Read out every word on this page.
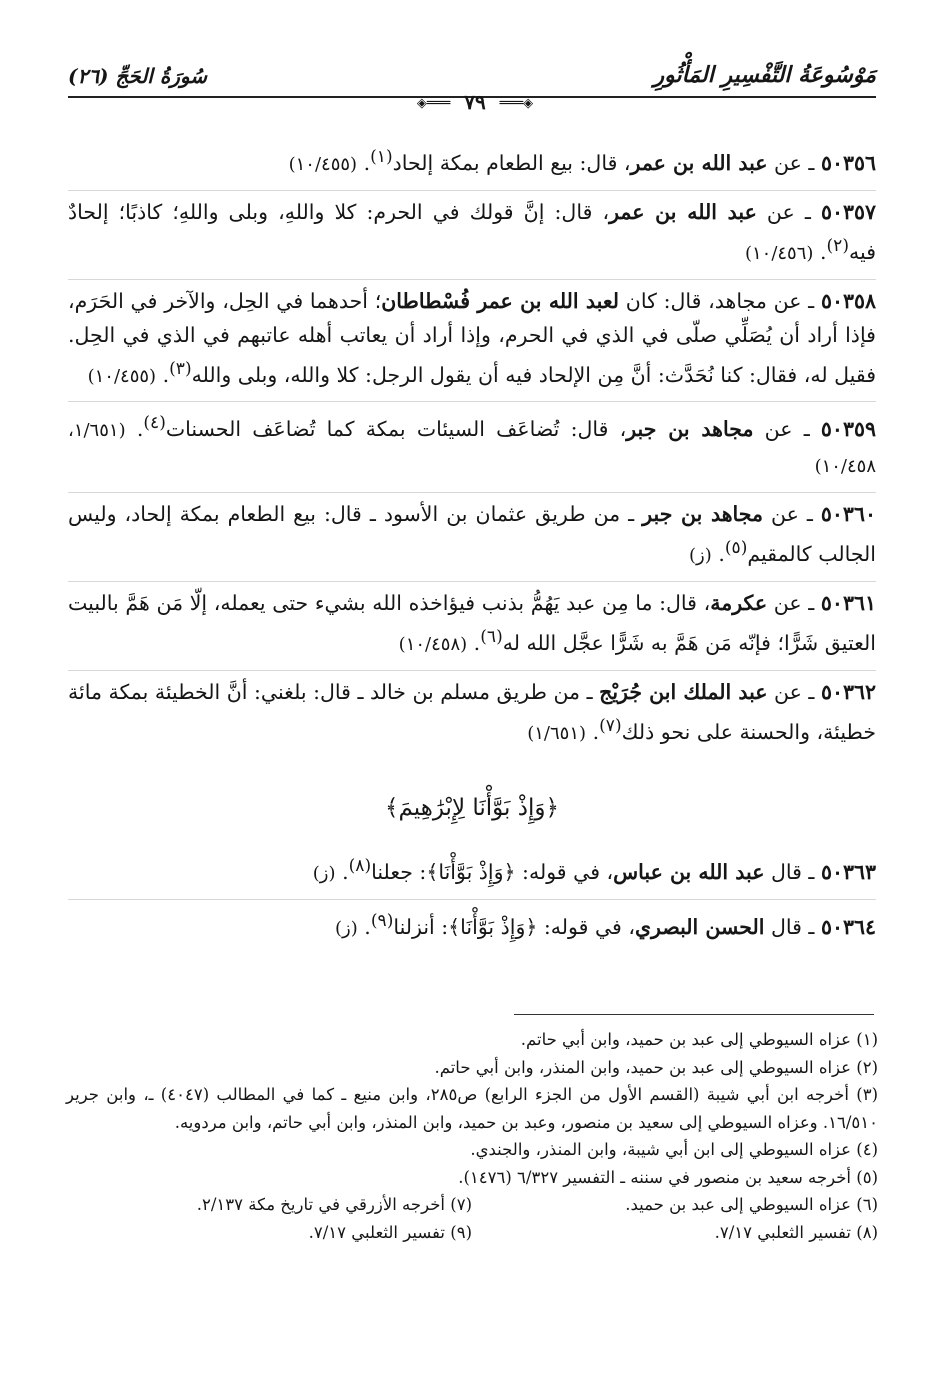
مَوْسُوعَةُ التَّفْسِيرِ المَأْثُورِ
سُورَةُ الحَجِّ (٢٦)
◈═══ ٧٩ ═══◈

٥٠٣٥٦ ـ عن عبد الله بن عمر، قال: بيع الطعام بمكة إلحاد$^{(١)}$. (١٠/٤٥٥)

٥٠٣٥٧ ـ عن عبد الله بن عمر، قال: إنَّ قولك في الحرم: كلا واللهِ، وبلى واللهِ؛ كاذبًا؛ إلحادٌ فيه$^{(٢)}$. (١٠/٤٥٦)

٥٠٣٥٨ ـ عن مجاهد، قال: كان لعبد الله بن عمر فُسْطاطان؛ أحدهما في الحِل، والآخر في الحَرَم، فإذا أراد أن يُصَلِّي صلّى في الذي في الحرم، وإذا أراد أن يعاتب أهله عاتبهم في الذي في الحِل. فقيل له، فقال: كنا نُحَدَّث: أنَّ مِن الإلحاد فيه أن يقول الرجل: كلا والله، وبلى والله$^{(٣)}$. (١٠/٤٥٥)

٥٠٣٥٩ ـ عن مجاهد بن جبر، قال: تُضاعَف السيئات بمكة كما تُضاعَف الحسنات$^{(٤)}$. (١/٦٥١، ١٠/٤٥٨)

٥٠٣٦٠ ـ عن مجاهد بن جبر ـ من طريق عثمان بن الأسود ـ قال: بيع الطعام بمكة إلحاد، وليس الجالب كالمقيم$^{(٥)}$. (ز)

٥٠٣٦١ ـ عن عكرمة، قال: ما مِن عبد يَهُمُّ بذنب فيؤاخذه الله بشيء حتى يعمله، إلّا مَن هَمَّ بالبيت العتيق شَرًّا؛ فإنّه مَن هَمَّ به شَرًّا عجَّل الله له$^{(٦)}$. (١٠/٤٥٨)

٥٠٣٦٢ ـ عن عبد الملك ابن جُرَيْج ـ من طريق مسلم بن خالد ـ قال: بلغني: أنَّ الخطيئة بمكة مائة خطيئة، والحسنة على نحو ذلك$^{(٧)}$. (١/٦٥١)

﴿وَإِذْ بَوَّأْنَا لِإِبْرَٰهِيمَ﴾

٥٠٣٦٣ ـ قال عبد الله بن عباس، في قوله: ﴿وَإِذْ بَوَّأْنَا﴾: جعلنا$^{(٨)}$. (ز)

٥٠٣٦٤ ـ قال الحسن البصري، في قوله: ﴿وَإِذْ بَوَّأْنَا﴾: أنزلنا$^{(٩)}$. (ز)

(١) عزاه السيوطي إلى عبد بن حميد، وابن أبي حاتم.
(٢) عزاه السيوطي إلى عبد بن حميد، وابن المنذر، وابن أبي حاتم.
(٣) أخرجه ابن أبي شيبة (القسم الأول من الجزء الرابع) ص٢٨٥، وابن منيع ـ كما في المطالب (٤٠٤٧) ـ، وابن جرير ١٦/٥١٠. وعزاه السيوطي إلى سعيد بن منصور، وعبد بن حميد، وابن المنذر، وابن أبي حاتم، وابن مردويه.
(٤) عزاه السيوطي إلى ابن أبي شيبة، وابن المنذر، والجندي.
(٥) أخرجه سعيد بن منصور في سننه ـ التفسير ٦/٣٢٧ (١٤٧٦).
(٦) عزاه السيوطي إلى عبد بن حميد.
(٧) أخرجه الأزرقي في تاريخ مكة ٢/١٣٧.
(٨) تفسير الثعلبي ٧/١٧.
(٩) تفسير الثعلبي ٧/١٧.
